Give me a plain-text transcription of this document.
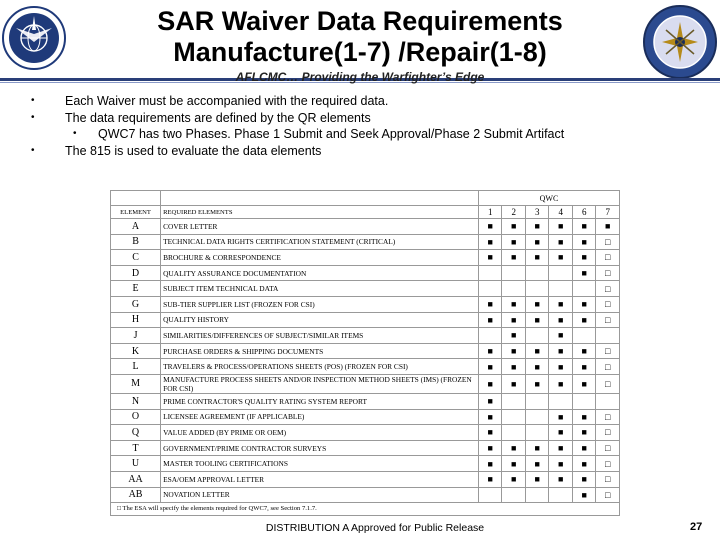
SAR Waiver Data Requirements
Manufacture(1-7) /Repair(1-8)
AFLCMC… Providing the Warfighter’s Edge
• Each Waiver must be accompanied with the required data.
• The data requirements are defined by the QR elements
• QWC7 has two Phases. Phase 1 Submit and Seek Approval/Phase 2 Submit Artifact
• The 815 is used to evaluate the data elements
		QWC					
ELEMENT	REQUIRED ELEMENTS	1	2	3	4	6	7
A	COVER LETTER	■	■	■	■	■	■
B	TECHNICAL DATA RIGHTS CERTIFICATION STATEMENT (CRITICAL)	■	■	■	■	■	□
C	BROCHURE & CORRESPONDENCE	■	■	■	■	■	□
D	QUALITY ASSURANCE DOCUMENTATION					■	□
E	SUBJECT ITEM TECHNICAL DATA						□
G	SUB-TIER SUPPLIER LIST (FROZEN FOR CSI)	■	■	■	■	■	□
H	QUALITY HISTORY	■	■	■	■	■	□
J	SIMILARITIES/DIFFERENCES OF SUBJECT/SIMILAR ITEMS		■		■		
K	PURCHASE ORDERS & SHIPPING DOCUMENTS	■	■	■	■	■	□
L	TRAVELERS & PROCESS/OPERATIONS SHEETS (POS) (FROZEN FOR CSI)	■	■	■	■	■	□
M	MANUFACTURE PROCESS SHEETS AND/OR INSPECTION METHOD SHEETS (IMS) (FROZEN FOR CSI)	■	■	■	■	■	□
N	PRIME CONTRACTOR'S QUALITY RATING SYSTEM REPORT	■					
O	LICENSEE AGREEMENT (IF APPLICABLE)	■			■	■	□
Q	VALUE ADDED (BY PRIME OR OEM)	■			■	■	□
T	GOVERNMENT/PRIME CONTRACTOR SURVEYS	■	■	■	■	■	□
U	MASTER TOOLING CERTIFICATIONS	■	■	■	■	■	□
AA	ESA/OEM APPROVAL LETTER	■	■	■	■	■	□
AB	NOVATION LETTER					■	□
□ The ESA will specify the elements required for QWC7, see Section 7.1.7.
DISTRIBUTION A Approved for Public Release	27
